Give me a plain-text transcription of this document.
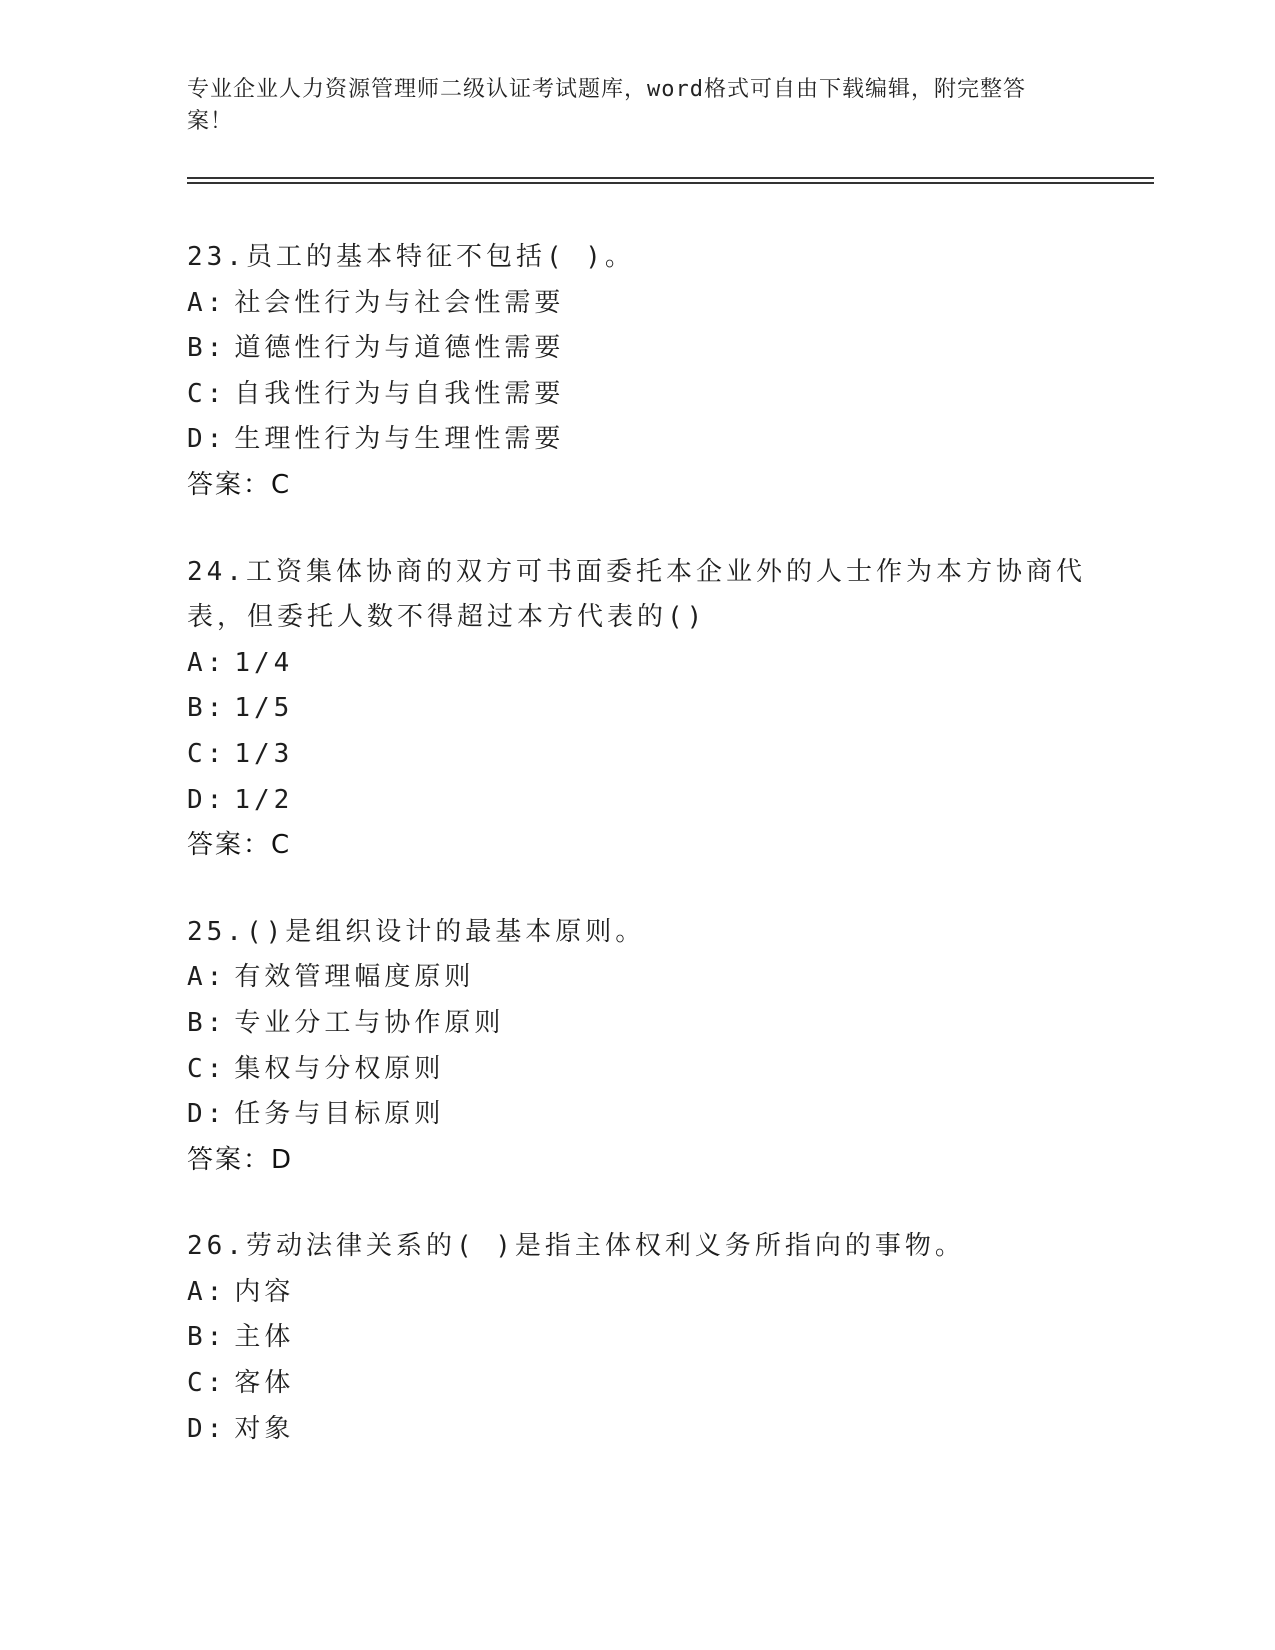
专业企业人力资源管理师二级认证考试题库，word格式可自由下载编辑，附完整答案！
23.员工的基本特征不包括( )。
A: 社会性行为与社会性需要
B: 道德性行为与道德性需要
C: 自我性行为与自我性需要
D: 生理性行为与生理性需要
答案：C
24.工资集体协商的双方可书面委托本企业外的人士作为本方协商代表，但委托人数不得超过本方代表的()
A: 1/4
B: 1/5
C: 1/3
D: 1/2
答案：C
25.()是组织设计的最基本原则。
A: 有效管理幅度原则
B: 专业分工与协作原则
C: 集权与分权原则
D: 任务与目标原则
答案：D
26.劳动法律关系的( )是指主体权利义务所指向的事物。
A: 内容
B: 主体
C: 客体
D: 对象
